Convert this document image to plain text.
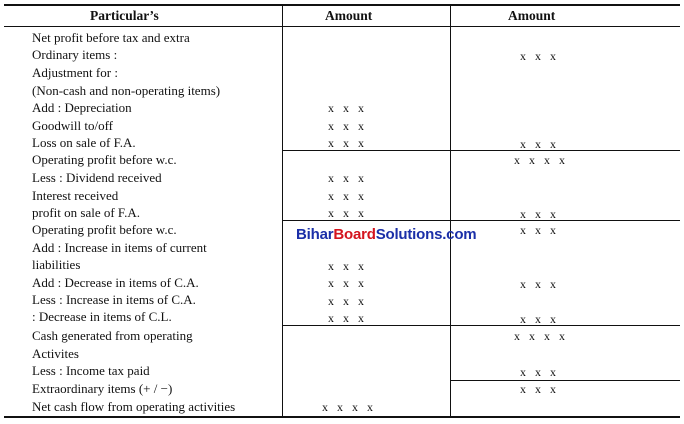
Particular’s	Amount	Amount
Net profit before tax and extra
Ordinary items :
Adjustment for :
(Non-cash and non-operating items)
Add : Depreciation
Goodwill to/off
Loss on sale of F.A.
Operating profit before w.c.
Less : Dividend received
Interest received
profit on sale of F.A.
Operating profit before w.c.
Add : Increase in items of current
liabilities
Add : Decrease in items of C.A.
Less : Increase in items of C.A.
: Decrease in items of C.L.
Cash generated from operating
Activites
Less : Income tax paid
Extraordinary items (+ / −)
Net cash flow from operating activities
x x x
x x x
x x x
x x x
x x x
x x x
x x x
x x x
x x x
x x x
x x x x
x x x
x x x
x x x x
x x x
x x x
x x x
x x x
x x x x
x x x
x x x
BiharBoardSolutions.com
